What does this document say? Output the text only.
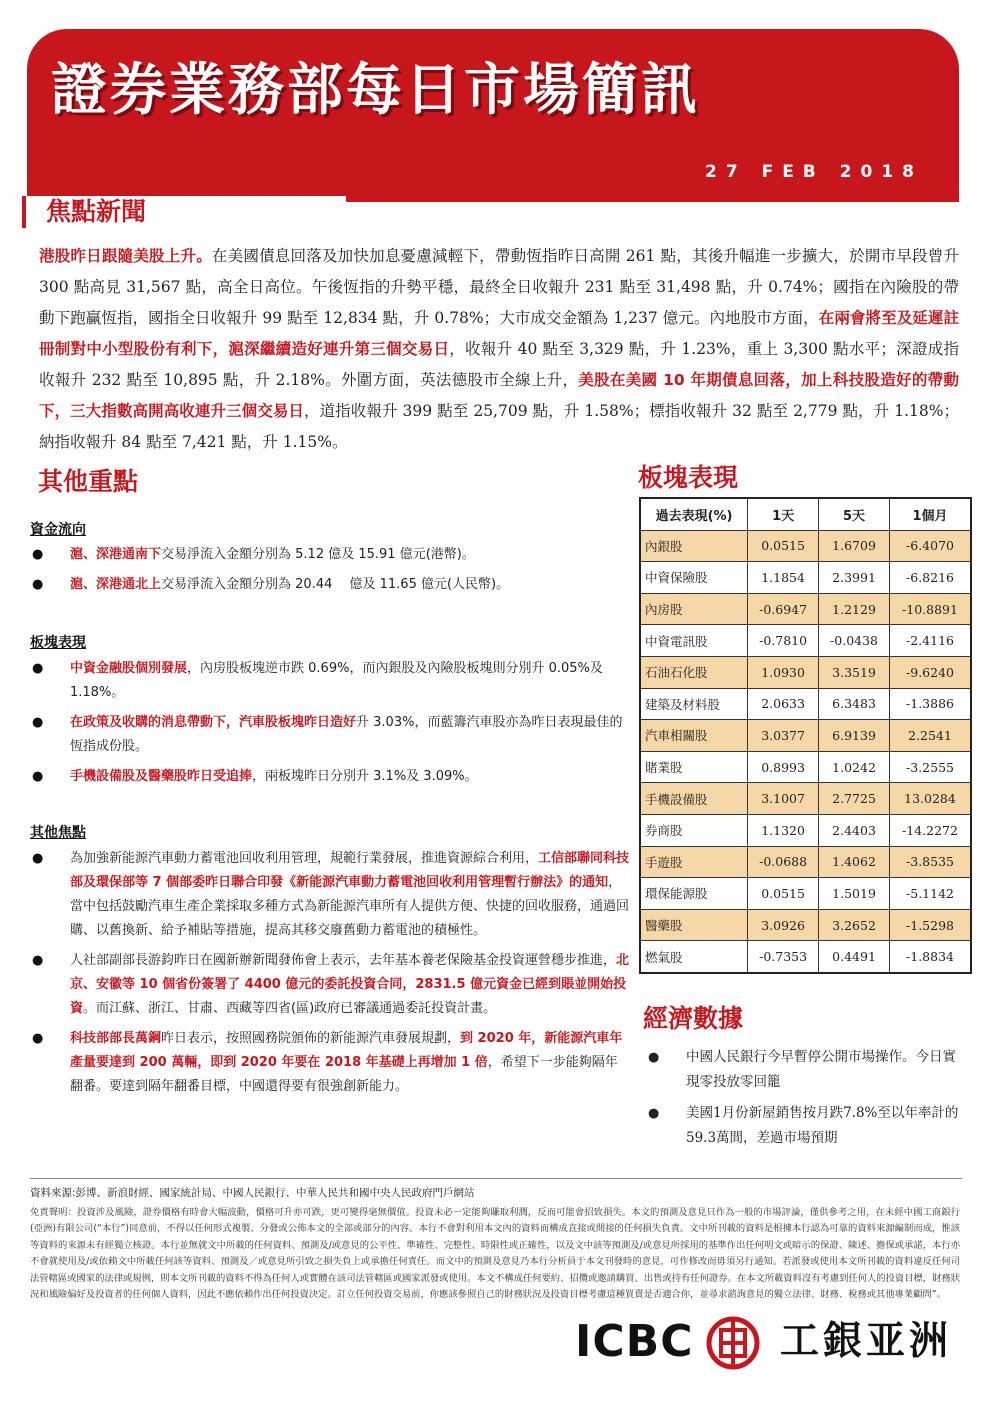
證券業務部每日市場簡訊
27 FEB 2018
焦點新聞

港股昨日跟隨美股上升。在美國債息回落及加快加息憂慮減輕下，帶動恆指昨日高開 261 點，其後升幅進一步擴大，於開市早段曾升 300 點高見 31,567 點，高全日高位。午後恆指的升勢平穩，最終全日收報升 231 點至 31,498 點，升 0.74%；國指在內險股的帶動下跑贏恆指，國指全日收報升 99 點至 12,834 點，升 0.78%；大市成交金額為 1,237 億元。內地股市方面，在兩會將至及延遲註冊制對中小型股份有利下，滬深繼續造好連升第三個交易日，收報升 40 點至 3,329 點，升 1.23%，重上 3,300 點水平；深證成指收報升 232 點至 10,895 點，升 2.18%。外圍方面，英法德股市全線上升，美股在美國 10 年期債息回落，加上科技股造好的帶動下，三大指數高開高收連升三個交易日，道指收報升 399 點至 25,709 點，升 1.58%；標指收報升 32 點至 2,779 點，升 1.18%；納指收報升 84 點至 7,421 點，升 1.15%。

其他重點
資金流向
● 滬、深港通南下交易淨流入金額分別為 5.12 億及 15.91 億元(港幣)。
● 滬、深港通北上交易淨流入金額分別為 20.44　 億及 11.65 億元(人民幣)。
板塊表現
● 中資金融股個別發展，內房股板塊逆市跌 0.69%，而內銀股及內險股板塊則分別升 0.05%及 1.18%。
● 在政策及收購的消息帶動下，汽車股板塊昨日造好升 3.03%，而藍籌汽車股亦為昨日表現最佳的恆指成份股。
● 手機設備股及醫藥股昨日受追捧，兩板塊昨日分別升 3.1%及 3.09%。
其他焦點
● 為加強新能源汽車動力蓄電池回收利用管理，規範行業發展，推進資源綜合利用，工信部聯同科技部及環保部等 7 個部委昨日聯合印發《新能源汽車動力蓄電池回收利用管理暫行辦法》的通知，當中包括鼓勵汽車生產企業採取多種方式為新能源汽車所有人提供方便、快捷的回收服務，通過回購、以舊換新、給予補貼等措施，提高其移交廢舊動力蓄電池的積極性。
● 人社部副部長游鈞昨日在國新辦新聞發佈會上表示，去年基本養老保險基金投資運營穩步推進，北京、安徽等 10 個省份簽署了 4400 億元的委託投資合同，2831.5 億元資金已經到賬並開始投資。而江蘇、浙江、甘肅、西藏等四省(區)政府已審議通過委託投資計畫。
● 科技部部長萬鋼昨日表示，按照國務院頒佈的新能源汽車發展規劃，到 2020 年，新能源汽車年產量要達到 200 萬輛，即到 2020 年要在 2018 年基礎上再增加 1 倍，希望下一步能夠隔年翻番。要達到隔年翻番目標，中國還得要有很強創新能力。
板塊表現
過去表現(%)	1天	5天	1個月
內銀股	0.0515	1.6709	-6.4070
中資保險股	1.1854	2.3991	-6.8216
內房股	-0.6947	1.2129	-10.8891
中資電訊股	-0.7810	-0.0438	-2.4116
石油石化股	1.0930	3.3519	-9.6240
建築及材料股	2.0633	6.3483	-1.3886
汽車相關股	3.0377	6.9139	2.2541
賭業股	0.8993	1.0242	-3.2555
手機設備股	3.1007	2.7725	13.0284
券商股	1.1320	2.4403	-14.2272
手遊股	-0.0688	1.4062	-3.8535
環保能源股	0.0515	1.5019	-5.1142
醫藥股	3.0926	3.2652	-1.5298
燃氣股	-0.7353	0.4491	-1.8834
經濟數據
● 中國人民銀行今早暫停公開市場操作。今日實現零投放零回籠
● 美國1月份新屋銷售按月跌7.8%至以年率計的59.3萬間，差過市場預期

資料來源:彭博、新浪財經、國家統計局、中國人民銀行、中華人民共和國中央人民政府門戶網站

免責聲明：投資涉及風險，證券價格有時會大幅波動，價格可升亦可跌，更可變得毫無價值。投資未必一定能夠賺取利潤，反而可能會招致損失。本文的預測及意見只作為一般的市場評論，僅供參考之用，在未經中國工商銀行(亞洲)有限公司(“本行”)同意前，不得以任何形式複製、分發或公佈本文的全部或部分的內容。本行不會對利用本文內的資料而構成直接或間接的任何損失負責。文中所刊載的資料是根據本行認為可靠的資料來源編制而成，惟該等資料的來源未有經獨立核證。本行並無就文中所載的任何資料、預測及/或意見的公平性、準確性、完整性、時限性或正確性，以及文中該等預測及/或意見所採用的基準作出任何明文或暗示的保證、陳述、擔保或承諾，本行亦不會就使用及/或依賴文中所載任何該等資料、預測及／或意見所引致之損失負上或承擔任何責任。而文中的預測及意見乃本行分析員于本文刊發時的意見，可作修改而毋須另行通知。若派發或使用本文所刊載的資料違反任何司法管轄區或國家的法律或規例，則本文所刊載的資料不得為任何人或實體在該司法管轄區或國家派發或使用。本文不構成任何要約、招攬或邀請購買、出售或持有任何證券。在本文所載資料沒有考慮到任何人的投資目標，財務狀況和風險偏好及投資者的任何個人資料，因此不應依賴作出任何投資決定。訂立任何投資交易前，你應該參照自己的財務狀況及投資目標考慮這種買賣是否適合你，並尋求諮詢意見的獨立法律、財務、稅務或其他專業顧問”。

ICBC 工銀亚洲
